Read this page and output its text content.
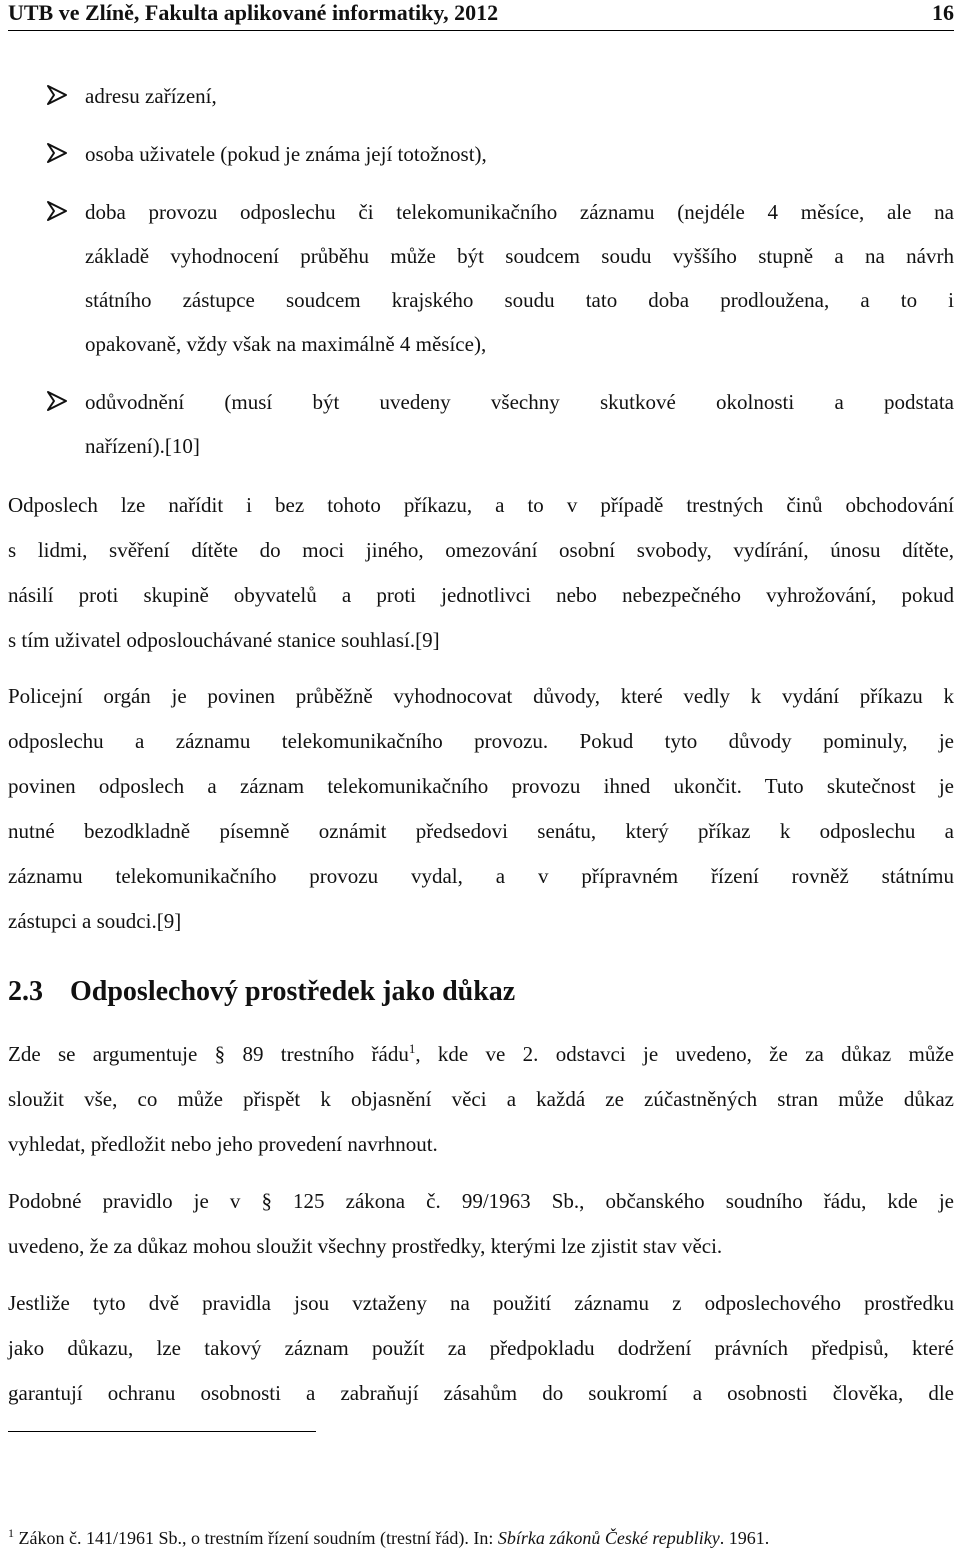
UTB ve Zlíně, Fakulta aplikované informatiky, 2012	16
adresu zařízení,
osoba uživatele (pokud je známa její totožnost),
doba provozu odposlechu či telekomunikačního záznamu (nejdéle 4 měsíce, ale na
základě vyhodnocení průběhu může být soudcem soudu vyššího stupně a na návrh
státního zástupce soudcem krajského soudu tato doba prodloužena, a to i
opakovaně, vždy však na maximálně 4 měsíce),
odůvodnění (musí být uvedeny všechny skutkové okolnosti a podstata
nařízení).[10]
Odposlech lze nařídit i bez tohoto příkazu, a to v případě trestných činů obchodování
s lidmi, svěření dítěte do moci jiného, omezování osobní svobody, vydírání, únosu dítěte,
násilí proti skupině obyvatelů a proti jednotlivci nebo nebezpečného vyhrožování, pokud
s tím uživatel odposlouchávané stanice souhlasí.[9]
Policejní orgán je povinen průběžně vyhodnocovat důvody, které vedly k vydání příkazu k
odposlechu a záznamu telekomunikačního provozu. Pokud tyto důvody pominuly, je
povinen odposlech a záznam telekomunikačního provozu ihned ukončit. Tuto skutečnost je
nutné bezodkladně písemně oznámit předsedovi senátu, který příkaz k odposlechu a
záznamu telekomunikačního provozu vydal, a v přípravném řízení rovněž státnímu
zástupci a soudci.[9]
2.3 Odposlechový prostředek jako důkaz
Zde se argumentuje § 89 trestního řádu$^1$, kde ve 2. odstavci je uvedeno, že za důkaz může
sloužit vše, co může přispět k objasnění věci a každá ze zúčastněných stran může důkaz
vyhledat, předložit nebo jeho provedení navrhnout.
Podobné pravidlo je v § 125 zákona č. 99/1963 Sb., občanského soudního řádu, kde je
uvedeno, že za důkaz mohou sloužit všechny prostředky, kterými lze zjistit stav věci.
Jestliže tyto dvě pravidla jsou vztaženy na použití záznamu z odposlechového prostředku
jako důkazu, lze takový záznam použít za předpokladu dodržení právních předpisů, které
garantují ochranu osobnosti a zabraňují zásahům do soukromí a osobnosti člověka, dle
$^1$ Zákon č. 141/1961 Sb., o trestním řízení soudním (trestní řád). In: Sbírka zákonů České republiky. 1961.
